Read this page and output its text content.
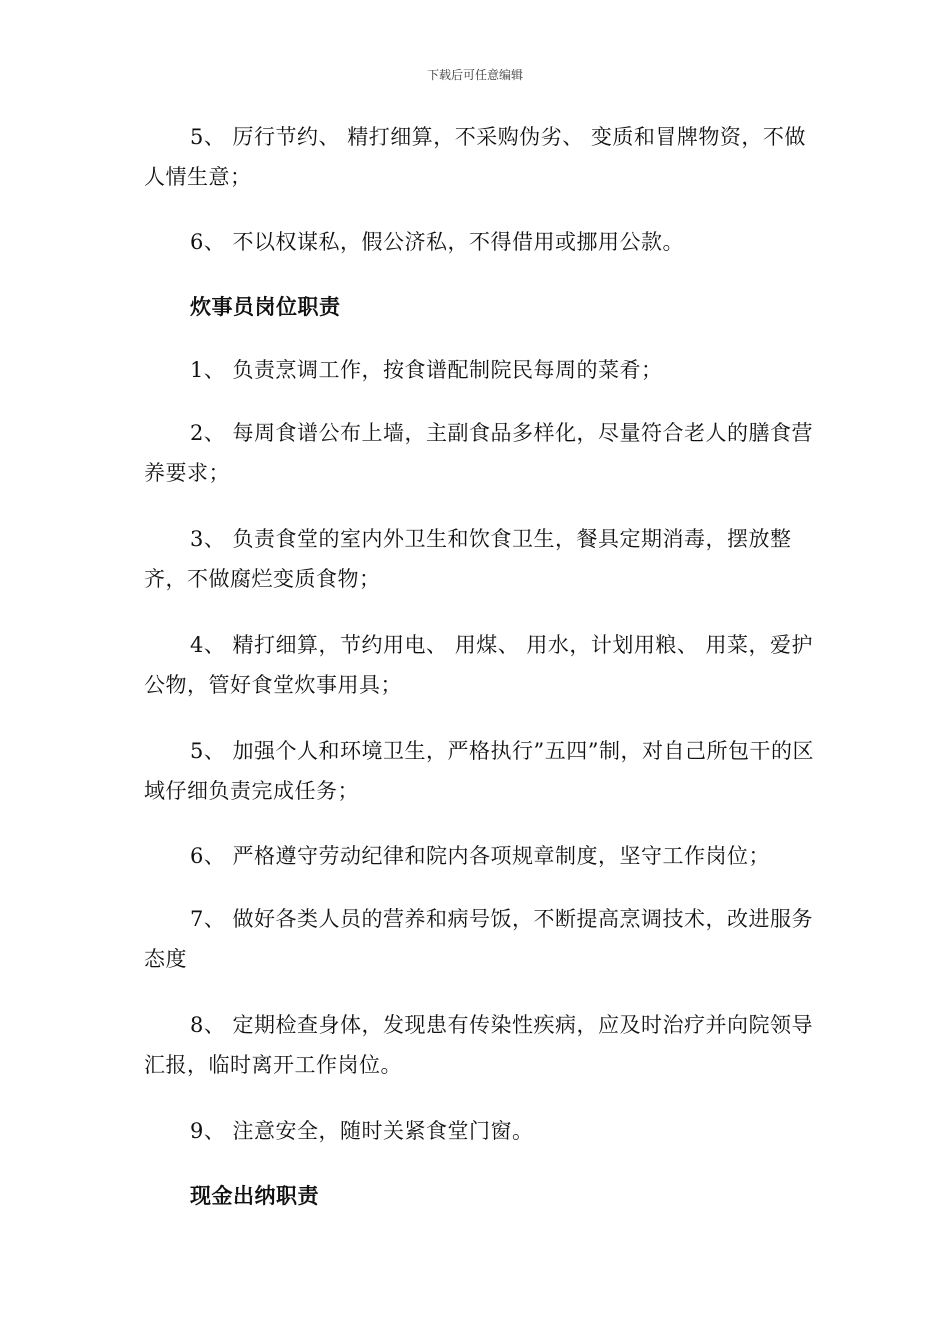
下载后可任意编辑
5、 厉行节约、 精打细算，不采购伪劣、 变质和冒牌物资，不做人情生意；
6、 不以权谋私，假公济私，不得借用或挪用公款。
炊事员岗位职责
1、 负责烹调工作，按食谱配制院民每周的菜肴；
2、 每周食谱公布上墙，主副食品多样化，尽量符合老人的膳食营养要求；
3、 负责食堂的室内外卫生和饮食卫生，餐具定期消毒，摆放整齐，不做腐烂变质食物；
4、 精打细算，节约用电、 用煤、 用水，计划用粮、 用菜，爱护公物，管好食堂炊事用具；
5、 加强个人和环境卫生，严格执行”五四”制，对自己所包干的区域仔细负责完成任务；
6、 严格遵守劳动纪律和院内各项规章制度，坚守工作岗位；
7、 做好各类人员的营养和病号饭，不断提高烹调技术，改进服务态度
8、 定期检查身体，发现患有传染性疾病，应及时治疗并向院领导汇报，临时离开工作岗位。
9、 注意安全，随时关紧食堂门窗。
现金出纳职责
